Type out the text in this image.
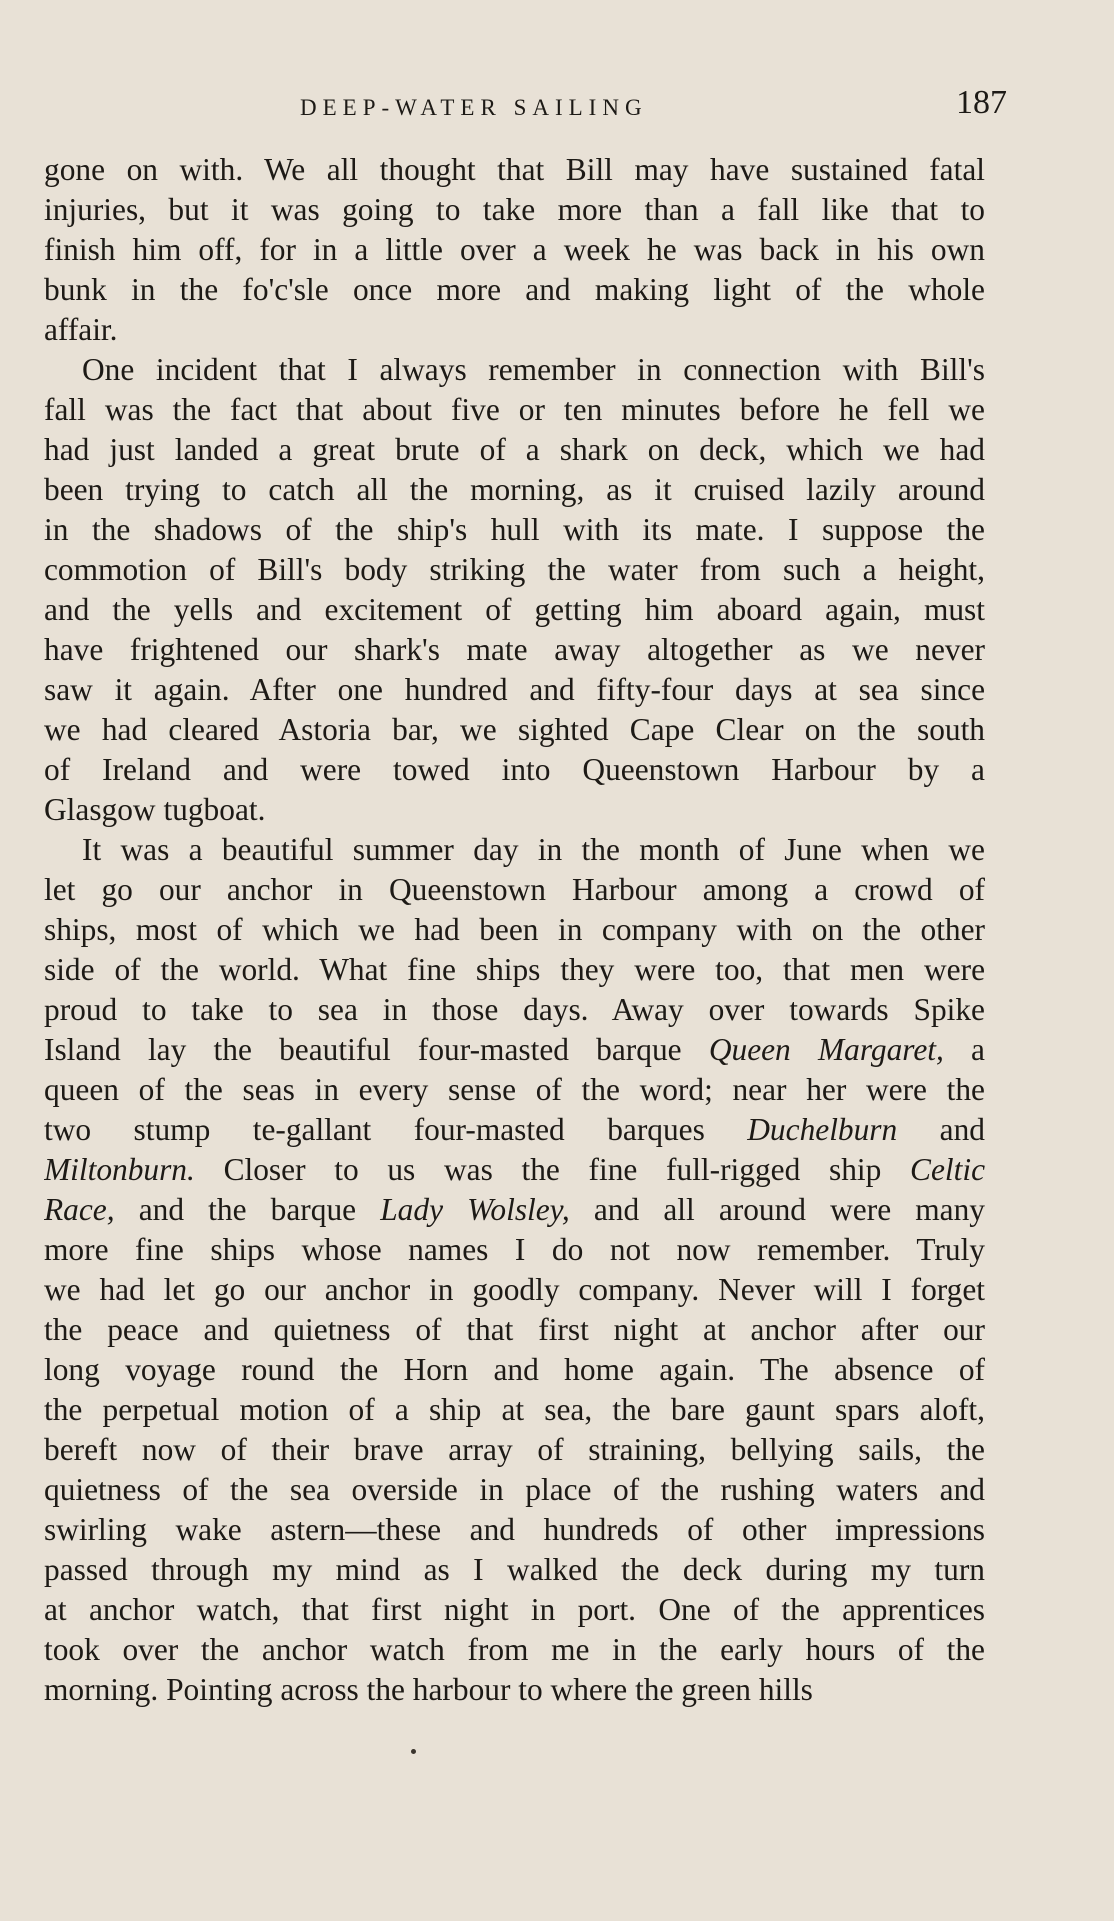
DEEP-WATER SAILING	187
gone on with. We all thought that Bill may have sustained fatal
injuries, but it was going to take more than a fall like that to
finish him off, for in a little over a week he was back in his own
bunk in the fo'c'sle once more and making light of the whole
affair.
One incident that I always remember in connection with Bill's
fall was the fact that about five or ten minutes before he fell we
had just landed a great brute of a shark on deck, which we had
been trying to catch all the morning, as it cruised lazily around
in the shadows of the ship's hull with its mate. I suppose the
commotion of Bill's body striking the water from such a height,
and the yells and excitement of getting him aboard again, must
have frightened our shark's mate away altogether as we never
saw it again. After one hundred and fifty-four days at sea since
we had cleared Astoria bar, we sighted Cape Clear on the south
of Ireland and were towed into Queenstown Harbour by a
Glasgow tugboat.
It was a beautiful summer day in the month of June when we
let go our anchor in Queenstown Harbour among a crowd of
ships, most of which we had been in company with on the other
side of the world. What fine ships they were too, that men were
proud to take to sea in those days. Away over towards Spike
Island lay the beautiful four-masted barque Queen Margaret, a
queen of the seas in every sense of the word; near her were the
two stump te-gallant four-masted barques Duchelburn and
Miltonburn. Closer to us was the fine full-rigged ship Celtic
Race, and the barque Lady Wolsley, and all around were many
more fine ships whose names I do not now remember. Truly
we had let go our anchor in goodly company. Never will I forget
the peace and quietness of that first night at anchor after our
long voyage round the Horn and home again. The absence of
the perpetual motion of a ship at sea, the bare gaunt spars aloft,
bereft now of their brave array of straining, bellying sails, the
quietness of the sea overside in place of the rushing waters and
swirling wake astern—these and hundreds of other impressions
passed through my mind as I walked the deck during my turn
at anchor watch, that first night in port. One of the apprentices
took over the anchor watch from me in the early hours of the
morning. Pointing across the harbour to where the green hills
